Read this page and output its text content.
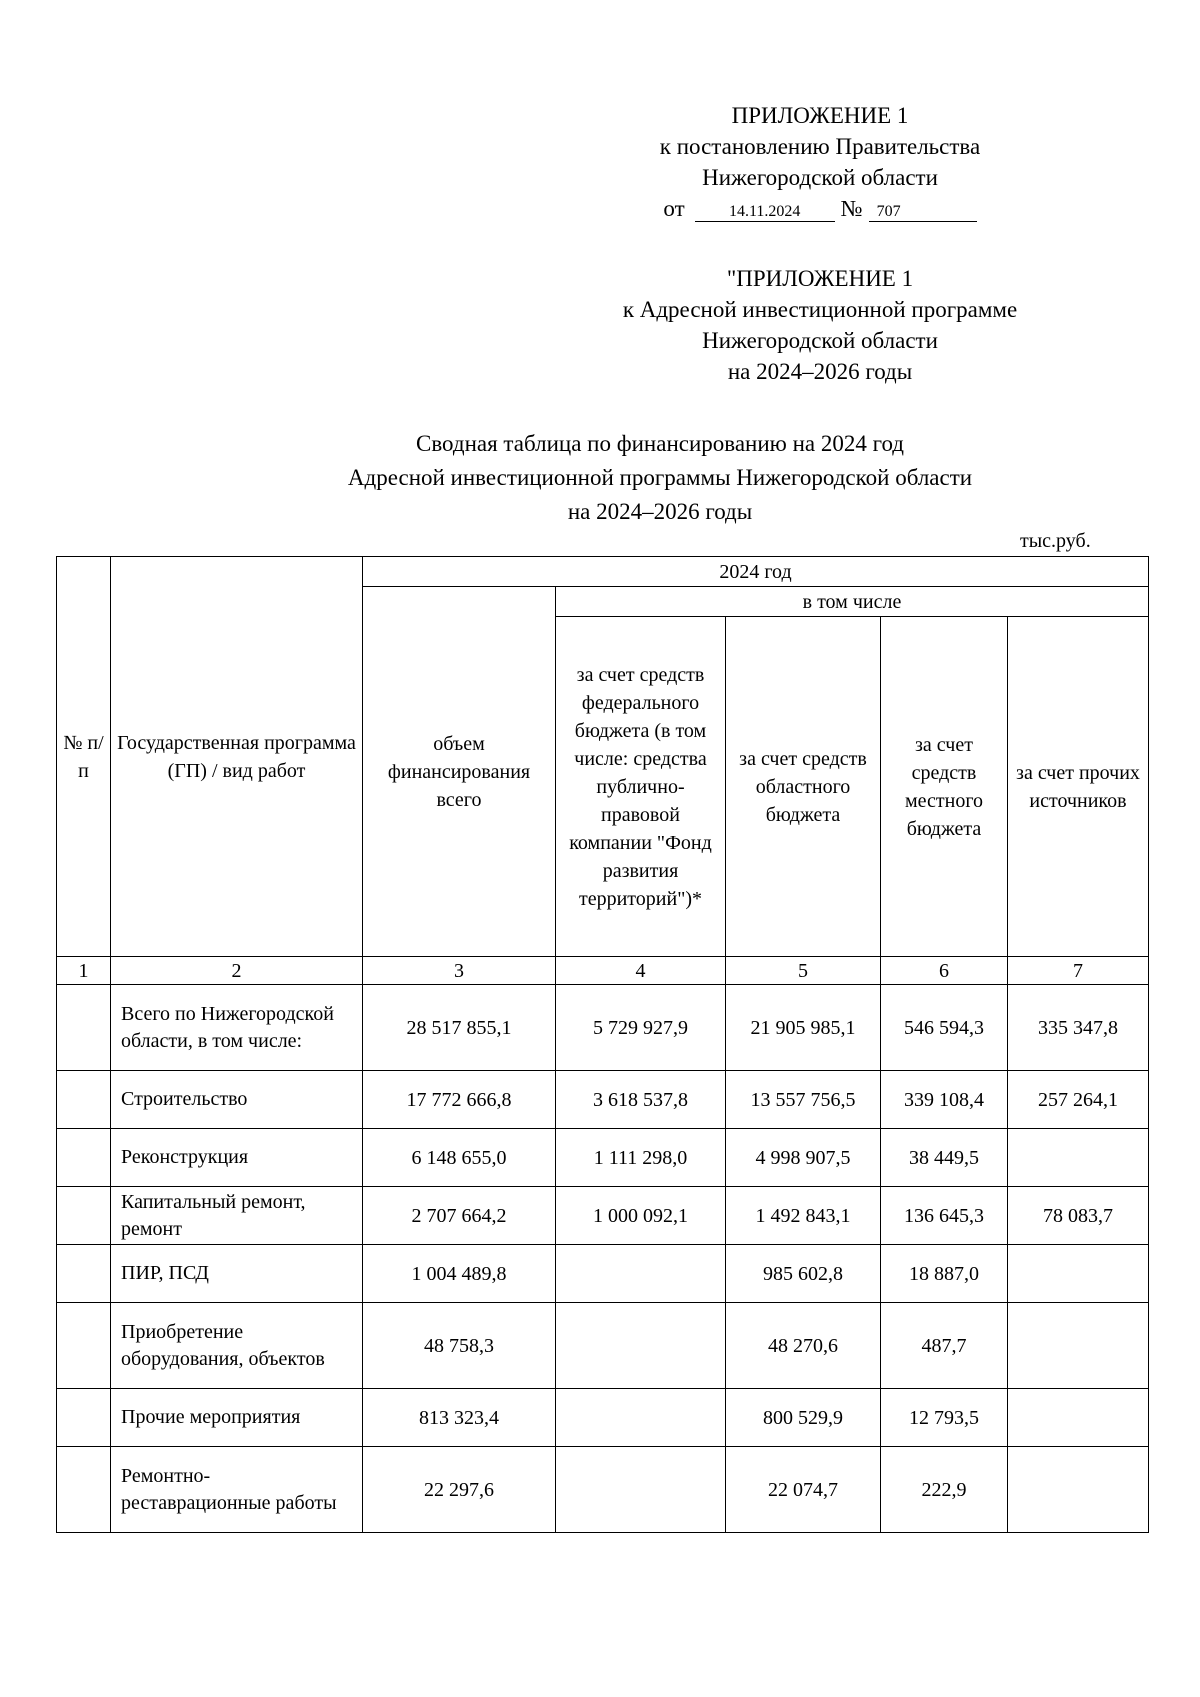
ПРИЛОЖЕНИЕ 1
к постановлению Правительства
Нижегородской области
от	14.11.2024 № 707
"ПРИЛОЖЕНИЕ 1
к Адресной инвестиционной программе
Нижегородской области
на 2024–2026 годы
Сводная таблица по финансированию на 2024 год
Адресной инвестиционной программы Нижегородской области
на 2024–2026 годы
тыс.руб.
№ п/п	Государственная программа (ГП) / вид работ	2024 год				
		объем финансирования всего	в том числе			
			за счет средств федерального бюджета (в том числе: средства публично-правовой компании "Фонд развития территорий")*	за счет средств областного бюджета	за счет средств местного бюджета	за счет прочих источников
1	2	3	4	5	6	7
	Всего по Нижегородской области, в том числе:	28 517 855,1	5 729 927,9	21 905 985,1	546 594,3	335 347,8
	Строительство	17 772 666,8	3 618 537,8	13 557 756,5	339 108,4	257 264,1
	Реконструкция	6 148 655,0	1 111 298,0	4 998 907,5	38 449,5	
	Капитальный ремонт, ремонт	2 707 664,2	1 000 092,1	1 492 843,1	136 645,3	78 083,7
	ПИР, ПСД	1 004 489,8		985 602,8	18 887,0	
	Приобретение оборудования, объектов	48 758,3		48 270,6	487,7	
	Прочие мероприятия	813 323,4		800 529,9	12 793,5	
	Ремонтно-реставрационные работы	22 297,6		22 074,7	222,9	
